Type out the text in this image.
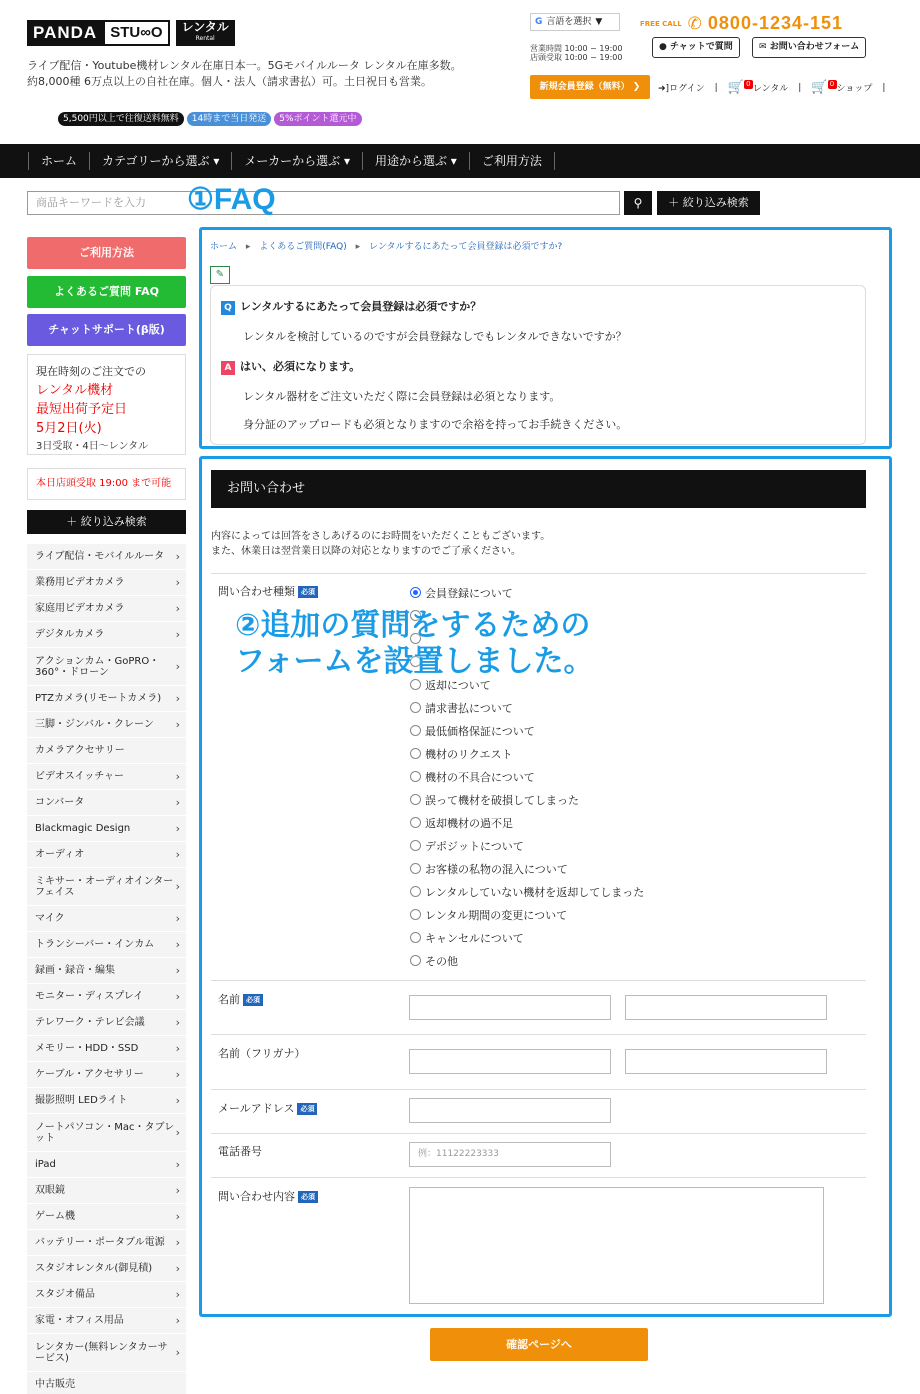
PANDA STU∞O	レンタル
Rental
ライブ配信・Youtube機材レンタル在庫日本一。5Gモバイルルータ レンタル在庫多数。約8,000種 6万点以上の自社在庫。個人・法人（請求書払）可。土日祝日も営業。
5,500円以上で往復送料無料	14時まで当日発送	5%ポイント還元中
G 言語を選択 ▼	FREE CALL ✆ 0800-1234-151
営業時間 10:00 ~ 19:00
店頭受取 10:00 ~ 19:00
● チャットで質問	✉ お問い合わせフォーム
新規会員登録（無料） ❯	➜]ログイン | 🛒 0 レンタル | 🛒 0 ショップ |
ホーム	カテゴリーから選ぶ ▾	メーカーから選ぶ ▾	用途から選ぶ ▾	ご利用方法
商品キーワードを入力	⚲	＋ 絞り込み検索
①FAQ
ご利用方法
よくあるご質問 FAQ
チャットサポート(β版)
現在時刻のご注文での
レンタル機材
最短出荷予定日
5月2日(火)
3日受取・4日〜レンタル
本日店頭受取 19:00 まで可能
＋ 絞り込み検索
ライブ配信・モバイルルータ ›
業務用ビデオカメラ	›
家庭用ビデオカメラ	›
デジタルカメラ	›
アクションカム・GoPRO・360°・ドローン	›
PTZカメラ(リモートカメラ) ›
三脚・ジンバル・クレーン ›
カメラアクセサリー
ビデオスイッチャー	›
コンバータ	›
Blackmagic Design	›
オーディオ	›
ミキサー・オーディオインターフェイス	›
マイク	›
トランシーバー・インカム ›
録画・録音・編集	›
モニター・ディスプレイ	›
テレワーク・テレビ会議	›
メモリー・HDD・SSD	›
ケーブル・アクセサリー	›
撮影照明 LEDライト	›
ノートパソコン・Mac・タブレット	›
iPad	›
双眼鏡	›
ゲーム機	›
バッテリー・ポータブル電源 ›
スタジオレンタル(御見積) ›
スタジオ備品	›
家電・オフィス用品	›
レンタカー(無料レンタカーサービス)	›
中古販売
ホーム ▸ よくあるご質問(FAQ) ▸ レンタルするにあたって会員登録は必須ですか?
✎
Q レンタルするにあたって会員登録は必須ですか？
レンタルを検討しているのですが会員登録なしでもレンタルできないですか？
A はい、必須になります。
レンタル器材をご注文いただく際に会員登録は必須となります。
身分証のアップロードも必須となりますので余裕を持ってお手続きください。
お問い合わせ
内容によっては回答をさしあげるのにお時間をいただくこともございます。
また、休業日は翌営業日以降の対応となりますのでご了承ください。
問い合わせ種類 必須	会員登録について
返却について
請求書払について
最低価格保証について
機材のリクエスト
機材の不具合について
誤って機材を破損してしまった
返却機材の過不足
デポジットについて
お客様の私物の混入について
レンタルしていない機材を返却してしまった
レンタル期間の変更について
キャンセルについて
その他
②追加の質問をするための
フォームを設置しました。
名前 必須
名前（フリガナ）
メールアドレス 必須
電話番号	例：11122223333
問い合わせ内容 必須
確認ページへ
